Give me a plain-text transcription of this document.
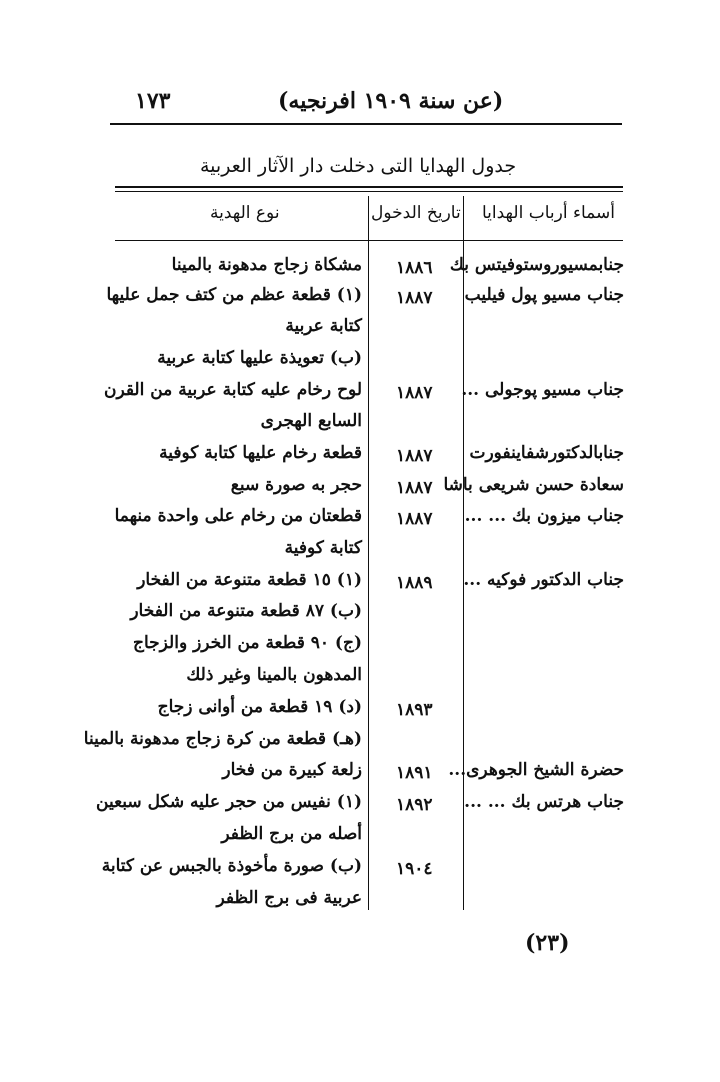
١٧٣	(عن سنة ١٩٠٩ افرنجيه)
جدول الهدايا التى دخلت دار الآثار العربية
أسماء أرباب الهدايا
تاريخ الدخول
نوع الهدية
جنابمسيوروستوفيتس بك
١٨٨٦
مشكاة زجاج مدهونة بالمينا
جناب مسيو پول فيليب
١٨٨٧
(١) قطعة عظم من كتف جمل عليها
كتابة عربية
(ب) تعويذة عليها كتابة عربية
جناب مسيو پوجولى ...
١٨٨٧
لوح رخام عليه كتابة عربية من القرن
السابع الهجرى
جنابالدكتورشفاينفورت
١٨٨٧
قطعة رخام عليها كتابة كوفية
سعادة حسن شريعى باشا
١٨٨٧
حجر به صورة سبع
جناب ميزون بك ... ...
١٨٨٧
قطعتان من رخام على واحدة منهما
كتابة كوفية
جناب الدكتور فوكيه ...
١٨٨٩
(١) ١٥ قطعة متنوعة من الفخار
(ب) ٨٧ قطعة متنوعة من الفخار
(ج) ٩٠ قطعة من الخرز والزجاج
المدهون بالمينا وغير ذلك
١٨٩٣
(د) ١٩ قطعة من أوانى زجاج
(هـ) قطعة من كرة زجاج مدهونة بالمينا
حضرة الشيخ الجوهرى...
١٨٩١
زلعة كبيرة من فخار
جناب هرتس بك ... ...
١٨٩٢
(١) نفيس من حجر عليه شكل سبعين
أصله من برج الظفر
١٩٠٤
(ب) صورة مأخوذة بالجبس عن كتابة
عربية فى برج الظفر
(٢٣)
